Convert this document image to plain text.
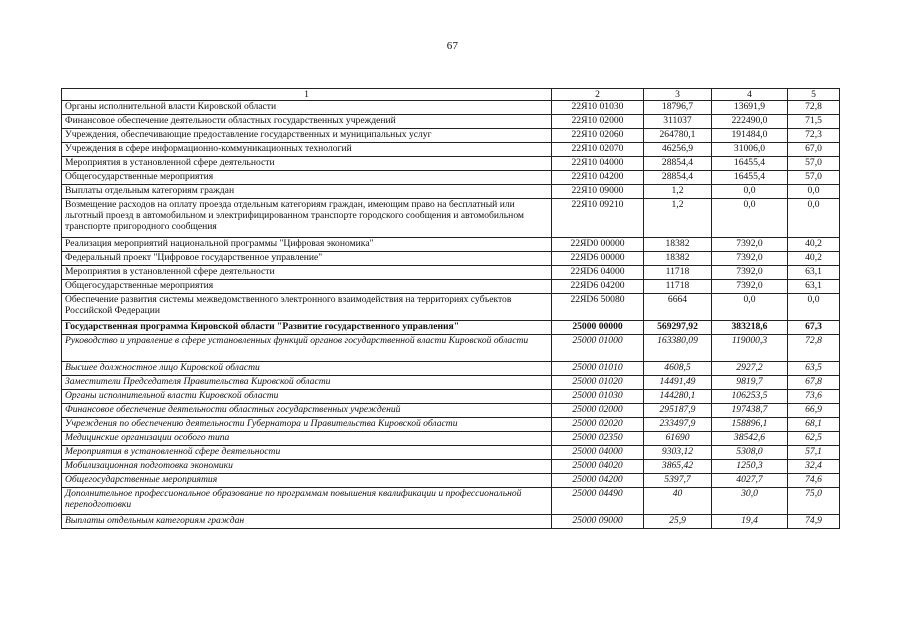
67
1	2	3	4	5
Органы исполнительной власти Кировской области	22Я10 01030	18796,7	13691,9	72,8
Финансовое обеспечение деятельности областных государственных учреждений	22Я10 02000	311037	222490,0	71,5
Учреждения, обеспечивающие предоставление государственных и муниципальных услуг	22Я10 02060	264780,1	191484,0	72,3
Учреждения в сфере информационно-коммуникационных технологий	22Я10 02070	46256,9	31006,0	67,0
Мероприятия в установленной сфере деятельности	22Я10 04000	28854,4	16455,4	57,0
Общегосударственные мероприятия	22Я10 04200	28854,4	16455,4	57,0
Выплаты отдельным категориям граждан	22Я10 09000	1,2	0,0	0,0
Возмещение расходов на оплату проезда отдельным категориям граждан, имеющим право на бесплатный или льготный проезд в автомобильном и электрифицированном транспорте городского сообщения и автомобильном транспорте пригородного сообщения	22Я10 09210	1,2	0,0	0,0
Реализация мероприятий национальной программы "Цифровая экономика"	22ЯD0 00000	18382	7392,0	40,2
Федеральный проект "Цифровое государственное управление"	22ЯD6 00000	18382	7392,0	40,2
Мероприятия в установленной сфере деятельности	22ЯD6 04000	11718	7392,0	63,1
Общегосударственные мероприятия	22ЯD6 04200	11718	7392,0	63,1
Обеспечение развития системы межведомственного электронного взаимодействия на территориях субъектов Российской Федерации	22ЯD6 50080	6664	0,0	0,0
Государственная программа Кировской области "Развитие государственного управления"	25000 00000	569297,92	383218,6	67,3
Руководство и управление в сфере установленных функций органов государственной власти Кировской области	25000 01000	163380,09	119000,3	72,8
Высшее должностное лицо Кировской области	25000 01010	4608,5	2927,2	63,5
Заместители Председателя Правительства Кировской области	25000 01020	14491,49	9819,7	67,8
Органы исполнительной власти Кировской области	25000 01030	144280,1	106253,5	73,6
Финансовое обеспечение деятельности областных государственных учреждений	25000 02000	295187,9	197438,7	66,9
Учреждения по обеспечению деятельности Губернатора и Правительства Кировской области	25000 02020	233497,9	158896,1	68,1
Медицинские организации особого типа	25000 02350	61690	38542,6	62,5
Мероприятия в установленной сфере деятельности	25000 04000	9303,12	5308,0	57,1
Мобилизационная подготовка экономики	25000 04020	3865,42	1250,3	32,4
Общегосударственные мероприятия	25000 04200	5397,7	4027,7	74,6
Дополнительное профессиональное образование по программам повышения квалификации и профессиональной переподготовки	25000 04490	40	30,0	75,0
Выплаты отдельным категориям граждан	25000 09000	25,9	19,4	74,9
